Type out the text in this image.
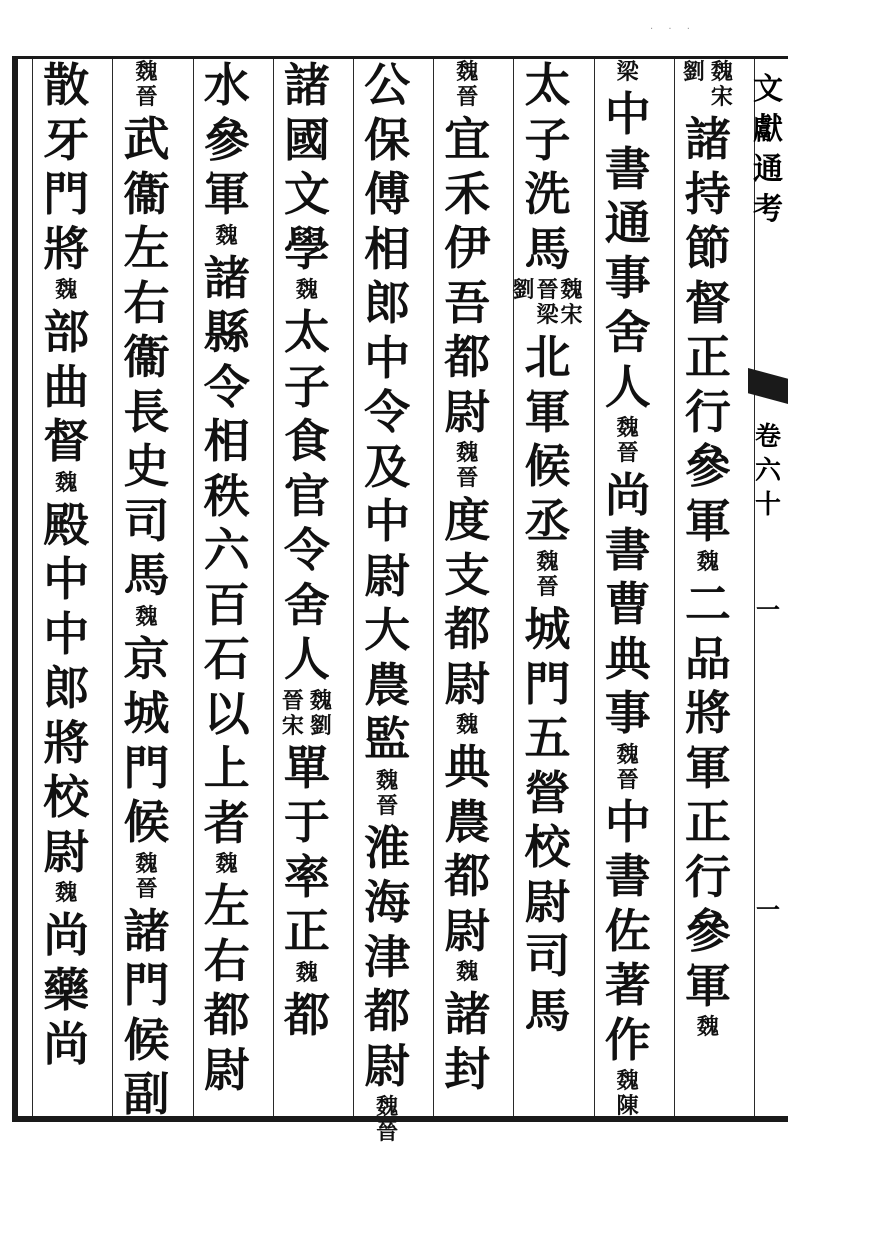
· · ·
文
獻
通
考
卷
六
十
一
一
劉 魏
宋
諸
持
節
督
正
行
參
軍
魏
二
品
將
軍
正
行
參
軍
魏
梁
中
書
通
事
舍
人
魏
晉
尚
書
曹
典
事
魏
晉
中
書
佐
著
作
魏
陳
太
子
洗
馬
劉 晉
梁
魏
宋
北
軍
候
丞
魏
晉
城
門
五
營
校
尉
司
馬
魏
晉
宜
禾
伊
吾
都
尉
魏
晉
度
支
都
尉
魏
典
農
都
尉
魏
諸
封
公
保
傅
相
郎
中
令
及
中
尉
大
農
監
魏
晉
淮
海
津
都
尉
魏
晉
諸
國
文
學
魏
太
子
食
官
令
舍
人
晉
宋
魏
劉
單
于
率
正
魏
都
水
參
軍
魏
諸
縣
令
相
秩
六
百
石
以
上
者
魏
左
右
都
尉
魏
晉
武
衞
左
右
衞
長
史
司
馬
魏
京
城
門
候
魏
晉
諸
門
候
副
散
牙
門
將
魏
部
曲
督
魏
殿
中
中
郎
將
校
尉
魏
尚
藥
尚
